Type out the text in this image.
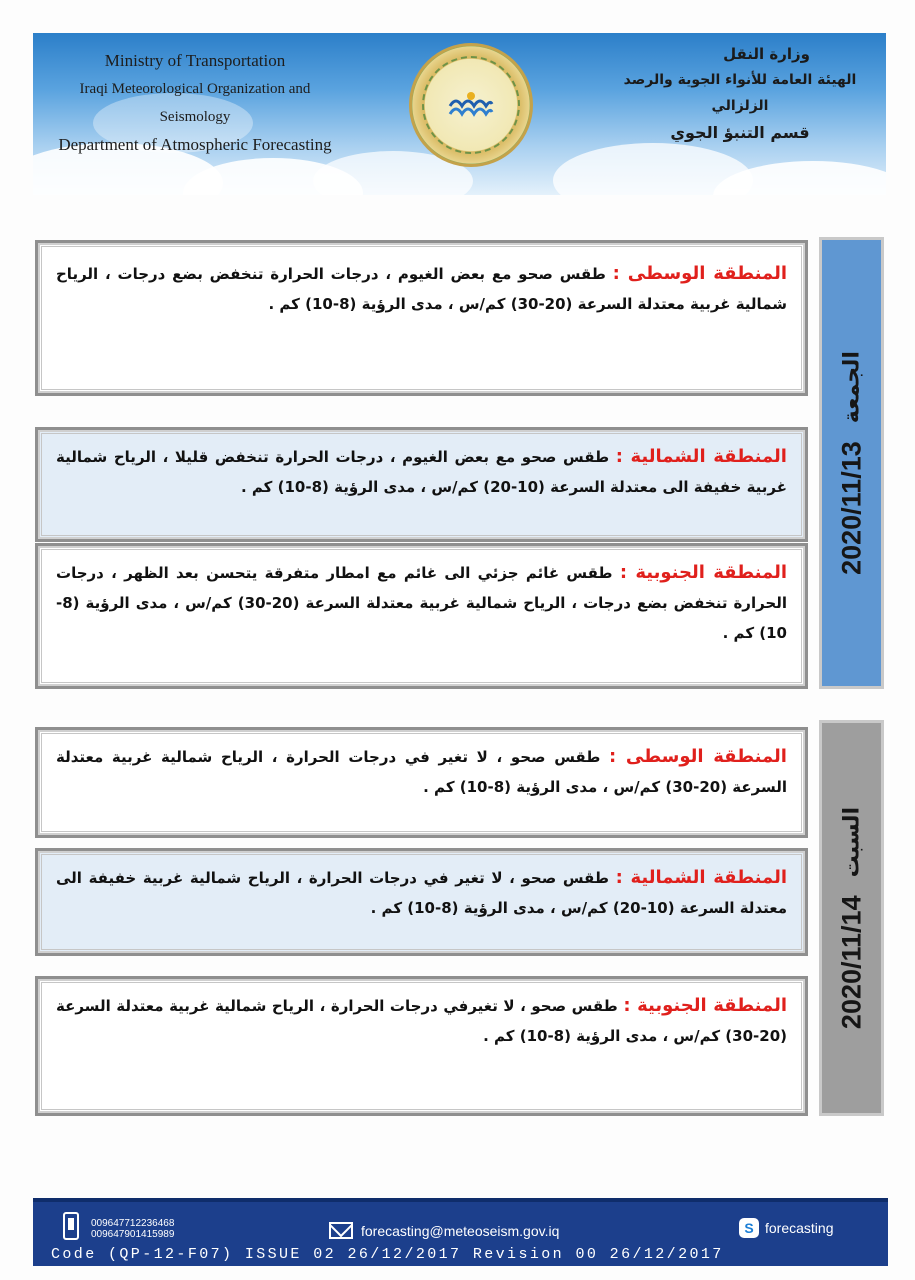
Ministry of Transportation
Iraqi Meteorological Organization and Seismology
Department of Atmospheric Forecasting
وزارة النقل
الهيئة العامة للأنواء الجوية والرصد الزلزالي
قسم التنبؤ الجوي
المنطقة الوسطى : طقس صحو مع بعض الغيوم ، درجات الحرارة تنخفض بضع درجات ، الرياح شمالية غربية معتدلة السرعة (20-30) كم/س ، مدى الرؤية (8-10) كم .
المنطقة الشمالية : طقس صحو مع بعض الغيوم ، درجات الحرارة تنخفض قليلا ، الرياح شمالية غربية خفيفة الى معتدلة السرعة (10-20) كم/س ، مدى الرؤية (8-10) كم .
المنطقة الجنوبية : طقس غائم جزئي الى غائم مع امطار متفرقة يتحسن بعد الظهر ، درجات الحرارة تنخفض بضع درجات ، الرياح شمالية غربية معتدلة السرعة (20-30) كم/س ، مدى الرؤية (8-10) كم .
2020/11/13
الجمعة
المنطقة الوسطى : طقس صحو ، لا تغير في درجات الحرارة ، الرياح شمالية غربية معتدلة السرعة (20-30) كم/س ، مدى الرؤية (8-10) كم .
المنطقة الشمالية : طقس صحو ، لا تغير في درجات الحرارة ، الرياح شمالية غربية خفيفة الى معتدلة السرعة (10-20) كم/س ، مدى الرؤية (8-10) كم .
المنطقة الجنوبية : طقس صحو ، لا تغيرفي درجات الحرارة ، الرياح شمالية غربية معتدلة السرعة (20-30) كم/س ، مدى الرؤية (8-10) كم .
2020/11/14
السبت
009647712236468
009647901415989	forecasting@meteoseism.gov.iq	S forecasting
Code (QP-12-F07) ISSUE 02 26/12/2017 Revision 00 26/12/2017
